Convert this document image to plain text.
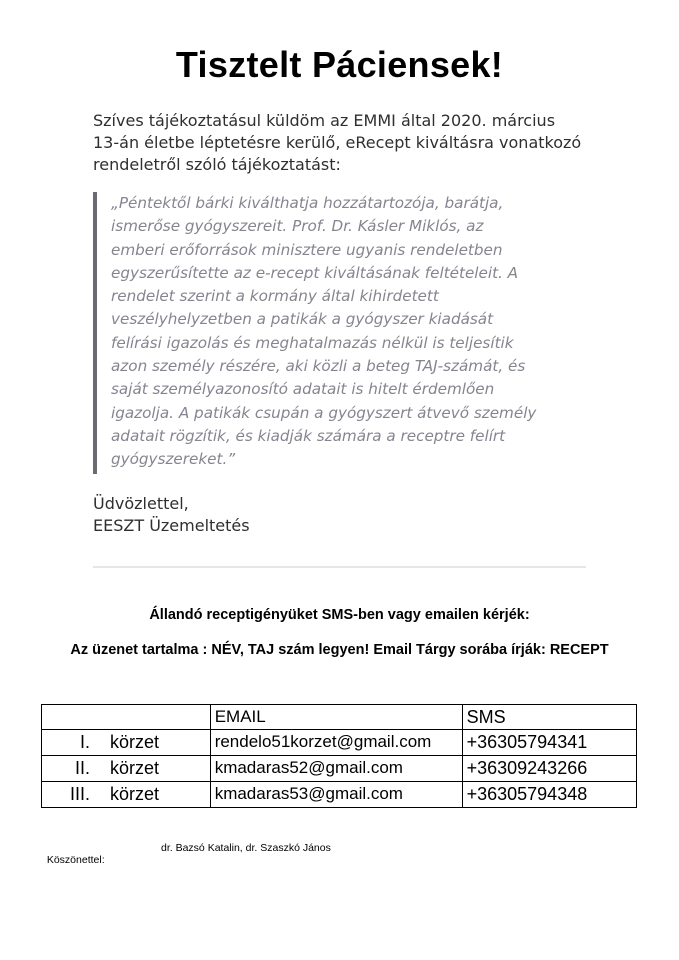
Tisztelt Páciensek!
Szíves tájékoztatásul küldöm az EMMI által 2020. március
13-án életbe léptetésre kerülő, eRecept kiváltásra vonatkozó
rendeletről szóló tájékoztatást:
„Péntektől bárki kiválthatja hozzátartozója, barátja,
ismerőse gyógyszereit. Prof. Dr. Kásler Miklós, az
emberi erőforrások minisztere ugyanis rendeletben
egyszerűsítette az e-recept kiváltásának feltételeit. A
rendelet szerint a kormány által kihirdetett
veszélyhelyzetben a patikák a gyógyszer kiadását
felírási igazolás és meghatalmazás nélkül is teljesítik
azon személy részére, aki közli a beteg TAJ-számát, és
saját személyazonosító adatait is hitelt érdemlően
igazolja. A patikák csupán a gyógyszert átvevő személy
adatait rögzítik, és kiadják számára a receptre felírt
gyógyszereket.”
Üdvözlettel,
EESZT Üzemeltetés
Állandó receptigényüket SMS-ben vagy emailen kérjék:
Az üzenet tartalma : NÉV, TAJ szám legyen! Email Tárgy sorába írják: RECEPT
	EMAIL	SMS
I. körzet	rendelo51korzet@gmail.com	+36305794341
II. körzet	kmadaras52@gmail.com	+36309243266
III. körzet	kmadaras53@gmail.com	+36305794348

Köszönettel:

dr. Bazsó Katalin, dr. Szaszkó János
